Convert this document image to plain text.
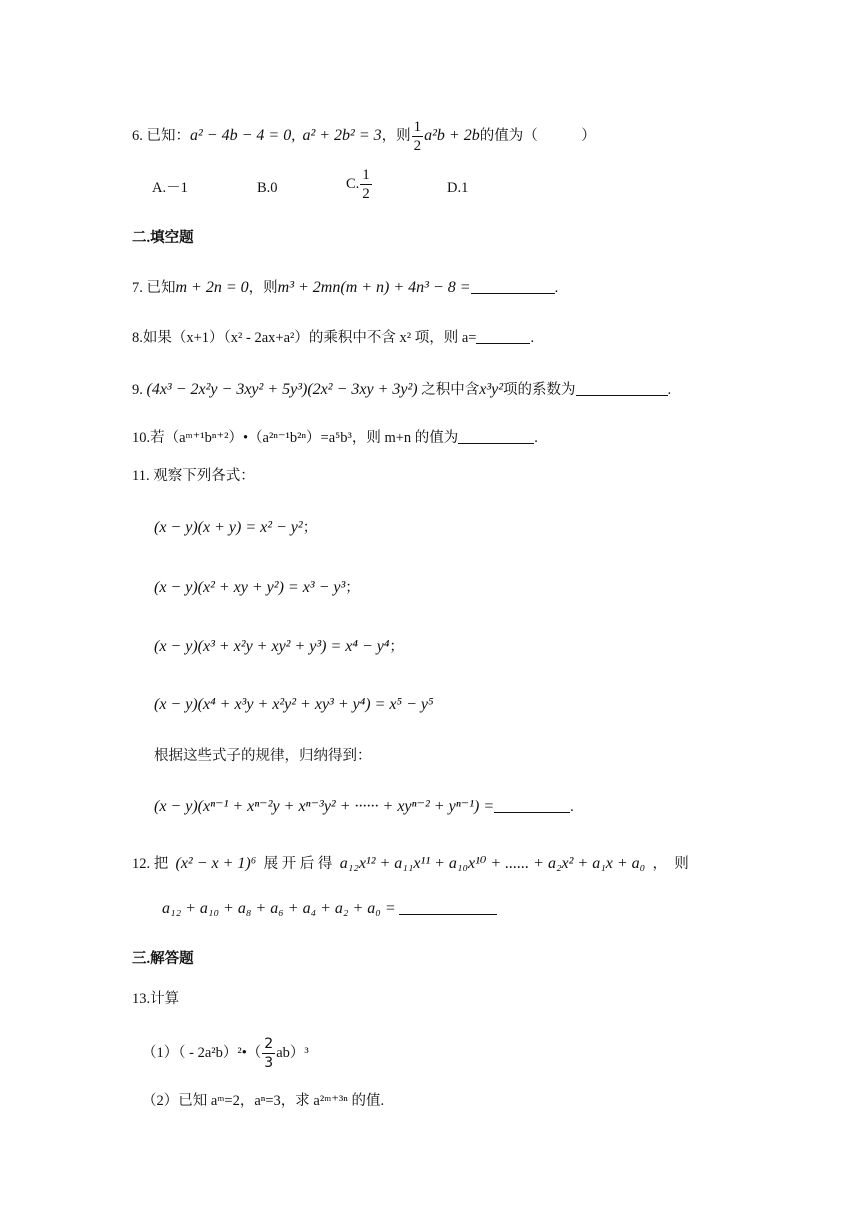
6. 已知：a² − 4b − 4 = 0, a² + 2b² = 3，则 $\frac{1}{2} a^2b + 2b$的值为（　　　）
A.－1	B.0	C. $\frac{1}{2}$	D.1
二.填空题
7. 已知m + 2n = 0，则m³ + 2mn(m + n) + 4n³ − 8 =	.
8.如果（x+1）（x² - 2ax+a²）的乘积中不含 x² 项，则 a=	.
9. (4x³ − 2x²y − 3xy² + 5y³)(2x² − 3xy + 3y²) 之积中含x³y²项的系数为	.
10.若（aᵐ⁺¹bⁿ⁺²）•（a²ⁿ⁻¹b²ⁿ）=a⁵b³，则 m+n 的值为	.
11. 观察下列各式：
(x − y)(x + y) = x² − y²；
(x − y)(x² + xy + y²) = x³ − y³；
(x − y)(x³ + x²y + xy² + y³) = x⁴ − y⁴；
(x − y)(x⁴ + x³y + x²y² + xy³ + y⁴) = x⁵ − y⁵
根据这些式子的规律，归纳得到：
(x − y)(xⁿ⁻¹ + xⁿ⁻²y + xⁿ⁻³y² + ······ + xyⁿ⁻² + yⁿ⁻¹) =	.
12. 把 (x² − x + 1)⁶ 展 开 后 得 a₁₂x¹² + a₁₁x¹¹ + a₁₀x¹⁰ + ...... + a₂x² + a₁x + a₀ ，　则
a₁₂ + a₁₀ + a₈ + a₆ + a₄ + a₂ + a₀ =
三.解答题
13.计算
（1）（ - 2a²b）²•（ $\frac{2}{3} ab)^3$
（2）已知 aᵐ=2，aⁿ=3，求 a²ᵐ⁺³ⁿ 的值.
